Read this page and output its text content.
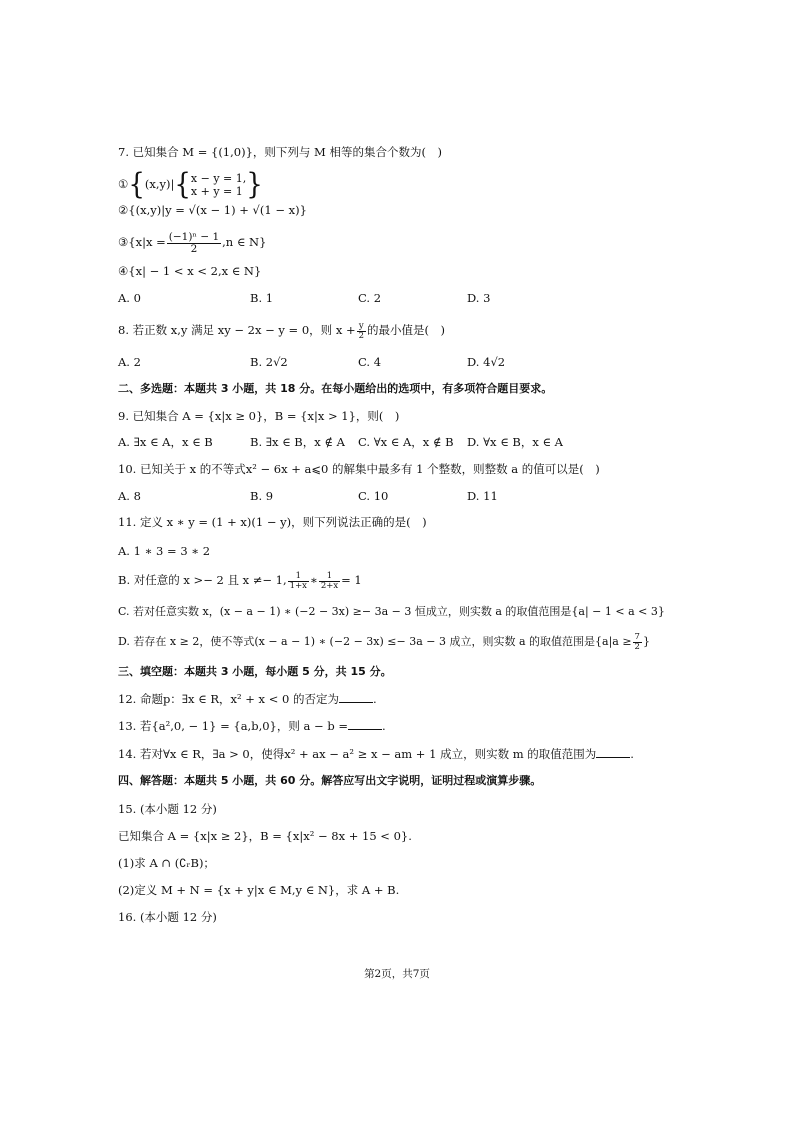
7. 已知集合 M = {(1,0)}，则下列与 M 相等的集合个数为(　)
①{(x,y)|{ x − y = 1,
x + y = 1 }
②{(x,y)|y = √(x − 1) + √(1 − x)}
③{x|x = $\frac{\text{(−1)ⁿ − 1}}{2} ,n$ ∈ N}
④{x| − 1 < x < 2,x ∈ N}
A. 0	B. 1	C. 2	D. 3
8. 若正数 x,y 满足 xy − 2x − y = 0，则 $x + \frac{y}{2}$ 的最小值是(　)
A. 2	B. 2√2	C. 4	D. 4√2
二、多选题：本题共 3 小题，共 18 分。在每小题给出的选项中，有多项符合题目要求。
9. 已知集合 A = {x|x ≥ 0}，B = {x|x > 1}，则(　)
A. ∃x ∈ A，x ∈ B	B. ∃x ∈ B，x ∉ A C. ∀x ∈ A，x ∉ B D. ∀x ∈ B，x ∈ A
10. 已知关于 x 的不等式x² − 6x + a⩽0 的解集中最多有 1 个整数，则整数 a 的值可以是(　)
A. 8	B. 9	C. 10	D. 11
11. 定义 x ∗ y = (1 + x)(1 − y)，则下列说法正确的是(　)
A. 1 ∗ 3 = 3 ∗ 2
B. 对任意的 x >− 2 且 x ≠− 1, $\frac{1}{1+x}$ ∗ $\frac{1}{2+x} = 1$
C. 若对任意实数 x，(x − a − 1) ∗ (−2 − 3x) ≥− 3a − 3 恒成立，则实数 a 的取值范围是{a| − 1 < a < 3}
D. 若存在 x ≥ 2，使不等式(x − a − 1) ∗ (−2 − 3x) ≤− 3a − 3 成立，则实数 a 的取值范围是{$a|a \ge \frac{7}{2}$ }
三、填空题：本题共 3 小题，每小题 5 分，共 15 分。
12. 命题p：∃x ∈ R，x² + x < 0 的否定为	.
13. 若{a²,0, − 1} = {a,b,0}，则 a − b =	.
14. 若对∀x ∈ R，∃a > 0，使得x² + ax − a² ≥ x − am + 1 成立，则实数 m 的取值范围为	.
四、解答题：本题共 5 小题，共 60 分。解答应写出文字说明，证明过程或演算步骤。
15. (本小题 12 分)
已知集合 A = {x|x ≥ 2}，B = {x|x² − 8x + 15 < 0}.
(1)求 A ∩ (∁ᵣB)；
(2)定义 M + N = {x + y|x ∈ M,y ∈ N}，求 A + B.
16. (本小题 12 分)
第2页，共7页
